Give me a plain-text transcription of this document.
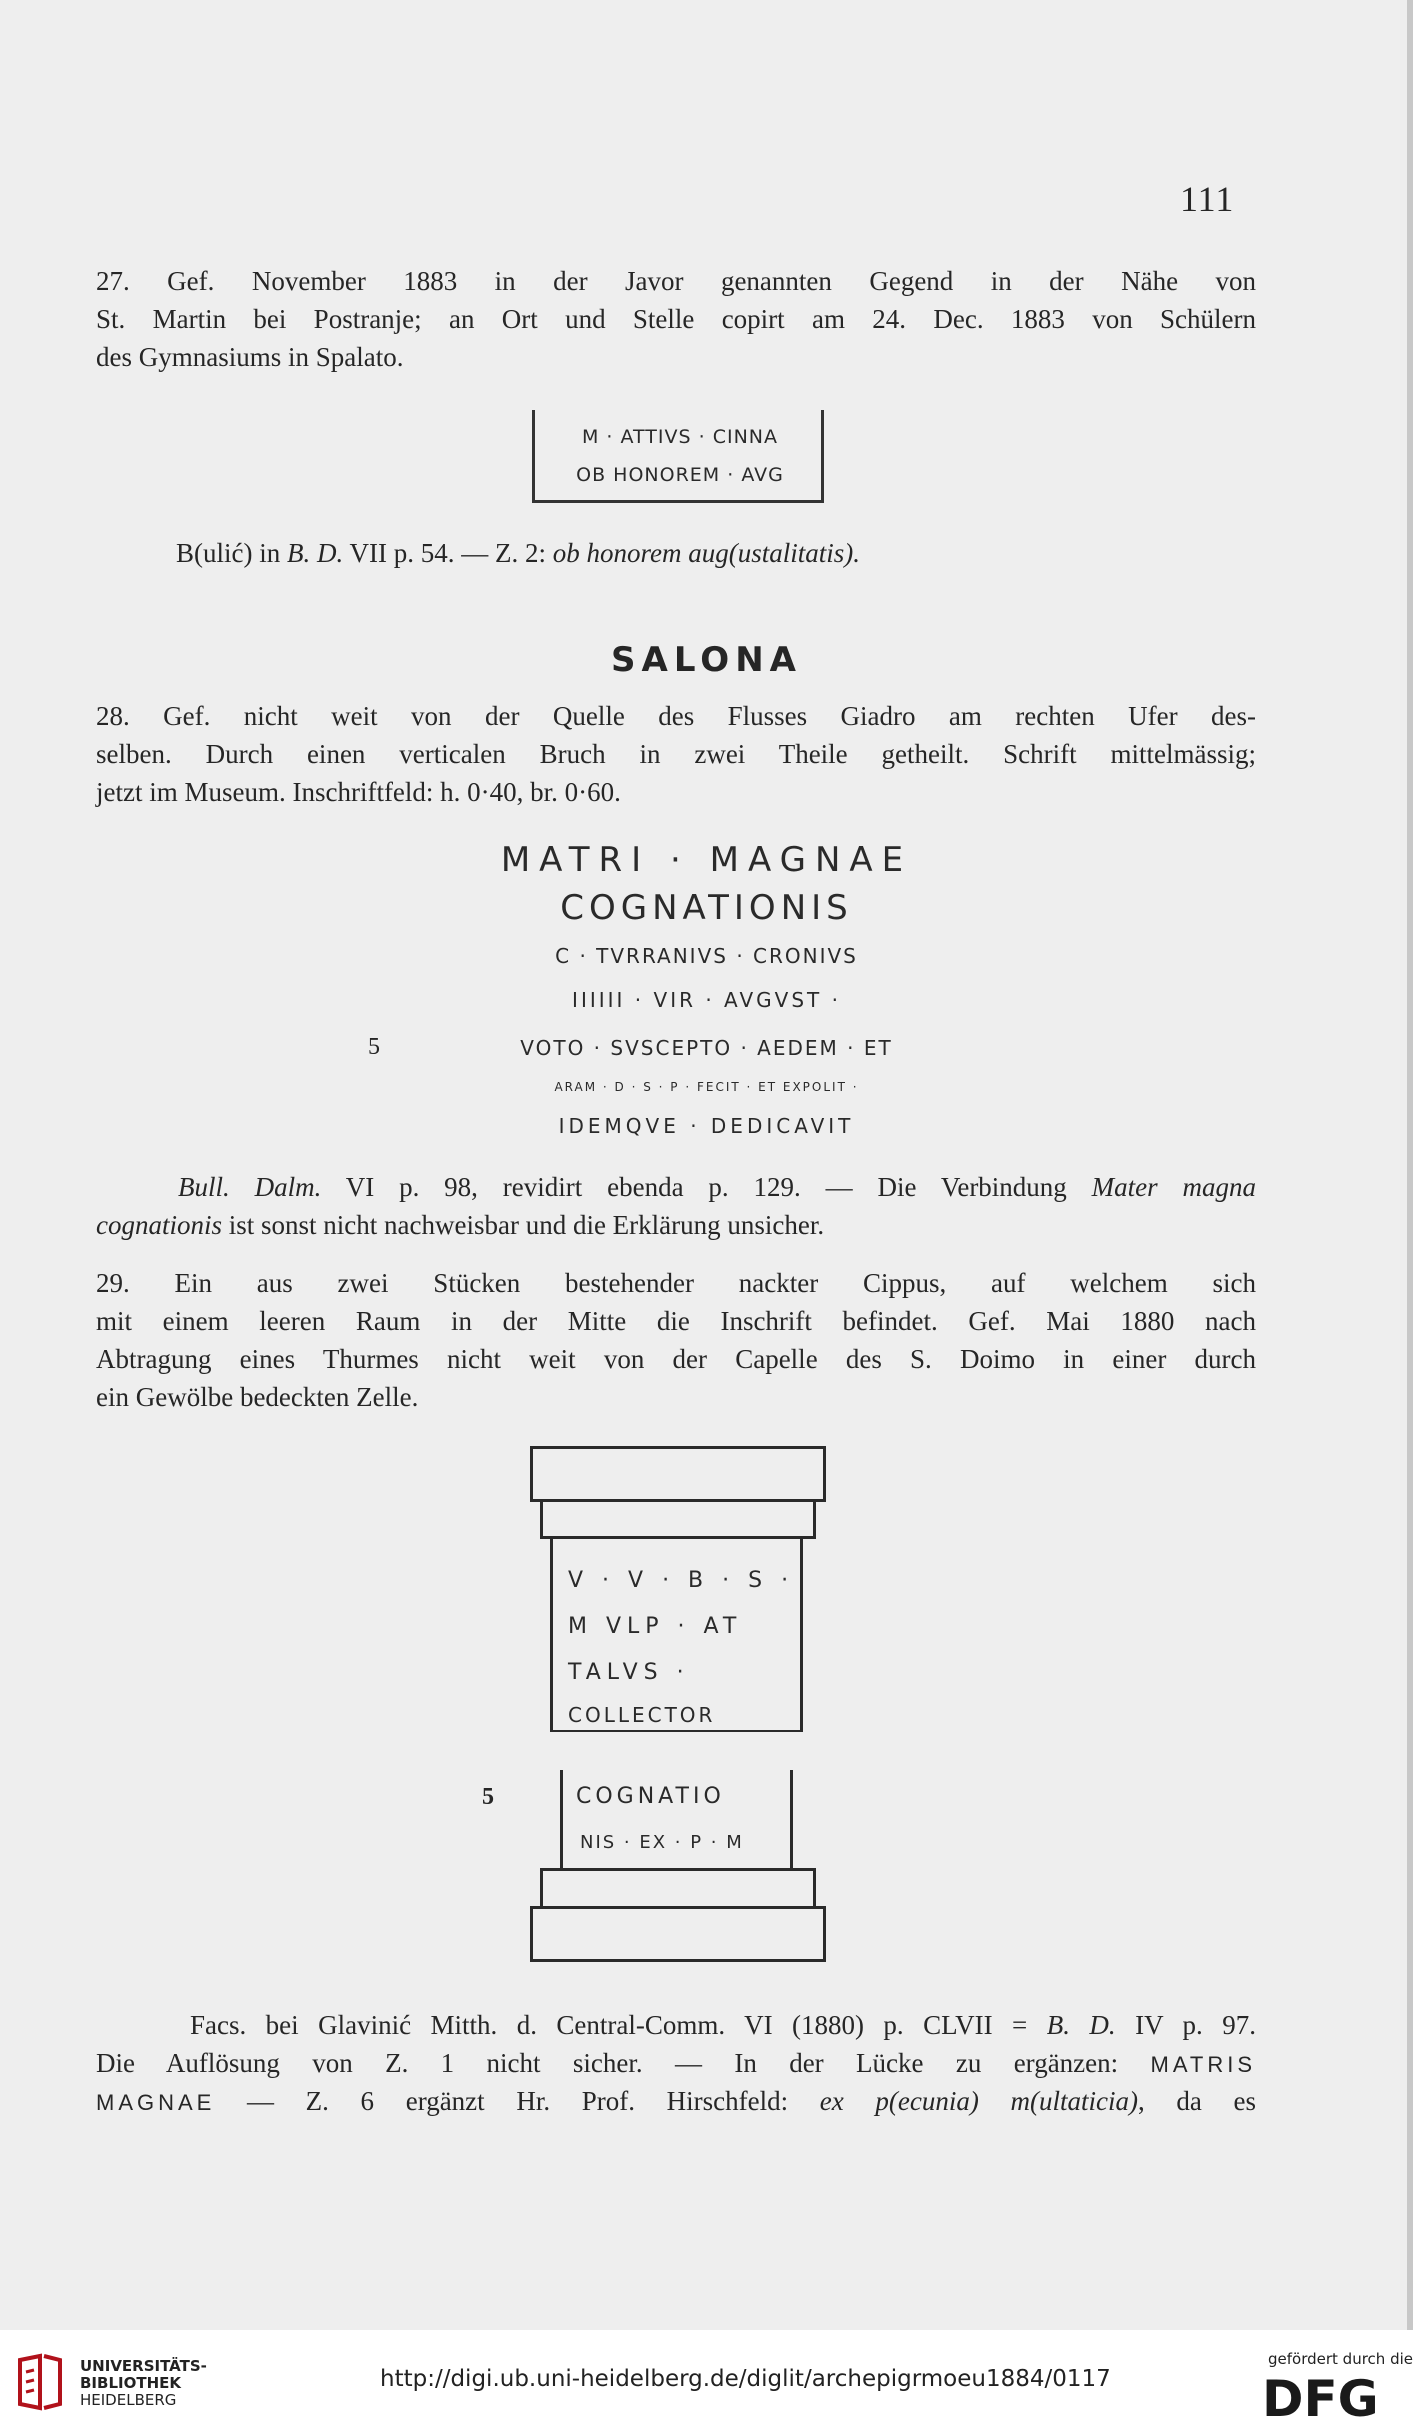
111

27. Gef. November 1883 in der Javor genannten Gegend in der Nähe von
St. Martin bei Postranje; an Ort und Stelle copirt am 24. Dec. 1883 von Schülern

des Gymnasiums in Spalato.

M · ATTIVS · CINNA
OB HONOREM · AVG

B(ulić) in B. D. VII p. 54. — Z. 2: ob honorem aug(ustalitatis).

SALONA

28. Gef. nicht weit von der Quelle des Flusses Giadro am rechten Ufer des-
selben. Durch einen verticalen Bruch in zwei Theile getheilt. Schrift mittelmässig;

jetzt im Museum. Inschriftfeld: h. 0·40, br. 0·60.

MATRI · MAGNAE

COGNATIONIS

C · TVRRANIVS · CRONIVS

IIIIII · VIR · AVGVST ·

5	VOTO · SVSCEPTO · AEDEM · ET

ARAM · D · S · P · FECIT · ET EXPOLIT ·

IDEMQVE · DEDICAVIT

Bull. Dalm. VI p. 98, revidirt ebenda p. 129. — Die Verbindung Mater magna

cognationis ist sonst nicht nachweisbar und die Erklärung unsicher.

29. Ein aus zwei Stücken bestehender nackter Cippus, auf welchem sich
mit einem leeren Raum in der Mitte die Inschrift befindet. Gef. Mai 1880 nach
Abtragung eines Thurmes nicht weit von der Capelle des S. Doimo in einer durch

ein Gewölbe bedeckten Zelle.

V · V · B · S ·
M VLP · AT
TALVS ·
COLLECTOR
5	COGNATIO
NIS · EX · P · M

Facs. bei Glavinić Mitth. d. Central-Comm. VI (1880) p. CLVII = B. D. IV p. 97.

Die Auflösung von Z. 1 nicht sicher. — In der Lücke zu ergänzen: MATRIS

MAGNAE — Z. 6 ergänzt Hr. Prof. Hirschfeld: ex p(ecunia) m(ultaticia), da es

UNIVERSITÄTS-
BIBLIOTHEK
HEIDELBERG
http://digi.ub.uni-heidelberg.de/diglit/archepigrmoeu1884/0117
gefördert durch die
DFG
